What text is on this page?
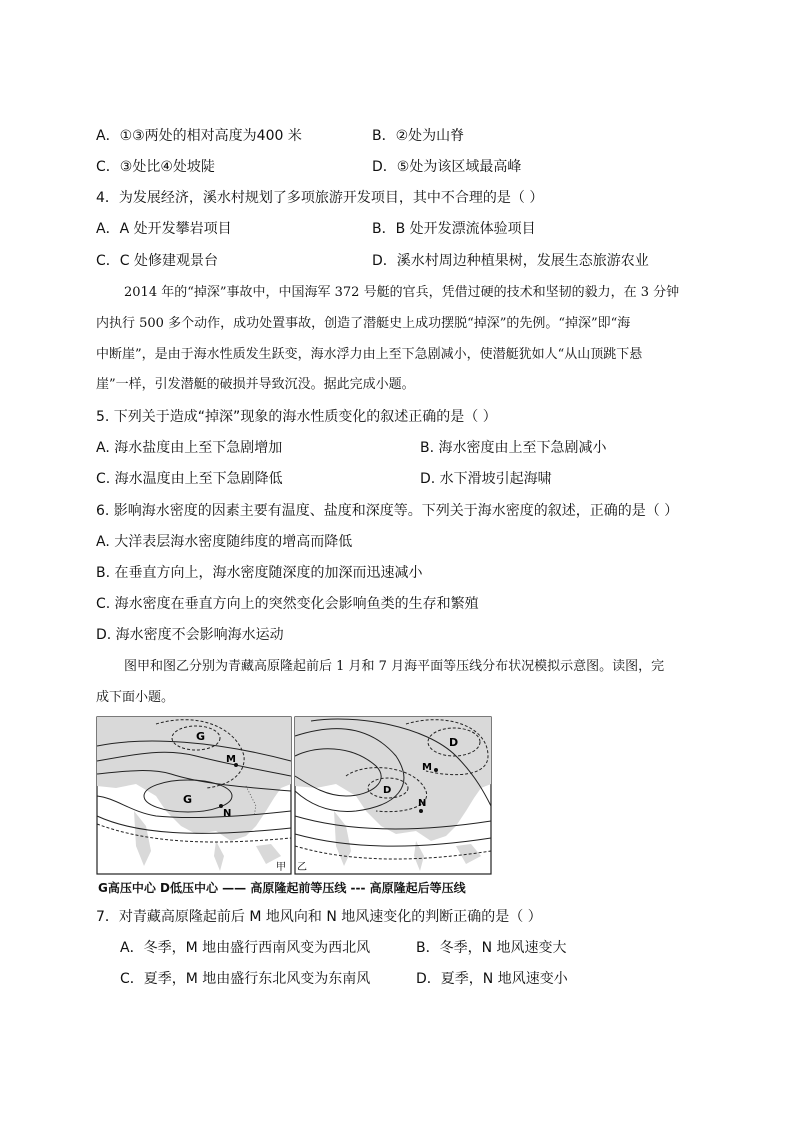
A．①③两处的相对高度为400 米	B．②处为山脊
C．③处比④处坡陡	D．⑤处为该区域最高峰
4．为发展经济，溪水村规划了多项旅游开发项目，其中不合理的是（ ）
A．A 处开发攀岩项目	B．B 处开发漂流体验项目
C．C 处修建观景台	D．溪水村周边种植果树，发展生态旅游农业
2014 年的“掉深”事故中，中国海军 372 号艇的官兵，凭借过硬的技术和坚韧的毅力，在 3 分钟
内执行 500 多个动作，成功处置事故，创造了潜艇史上成功摆脱“掉深”的先例。“掉深”即“海
中断崖”，是由于海水性质发生跃变，海水浮力由上至下急剧减小，使潜艇犹如人“从山顶跳下悬
崖”一样，引发潜艇的破损并导致沉没。据此完成小题。
5. 下列关于造成“掉深”现象的海水性质变化的叙述正确的是（ ）
A. 海水盐度由上至下急剧增加	B. 海水密度由上至下急剧减小
C. 海水温度由上至下急剧降低	D. 水下滑坡引起海啸
6. 影响海水密度的因素主要有温度、盐度和深度等。下列关于海水密度的叙述，正确的是（ ）
A. 大洋表层海水密度随纬度的增高而降低
B. 在垂直方向上，海水密度随深度的加深而迅速减小
C. 海水密度在垂直方向上的突然变化会影响鱼类的生存和繁殖
D. 海水密度不会影响海水运动
图甲和图乙分别为青藏高原隆起前后 1 月和 7 月海平面等压线分布状况模拟示意图。读图，完
成下面小题。
G
G
M
N
甲
D
D
M
N
乙
G高压中心 D低压中心 —— 高原隆起前等压线 --- 高原隆起后等压线
7．对青藏高原隆起前后 M 地风向和 N 地风速变化的判断正确的是（ ）
A．冬季，M 地由盛行西南风变为西北风	B．冬季，N 地风速变大
C．夏季，M 地由盛行东北风变为东南风	D．夏季，N 地风速变小
